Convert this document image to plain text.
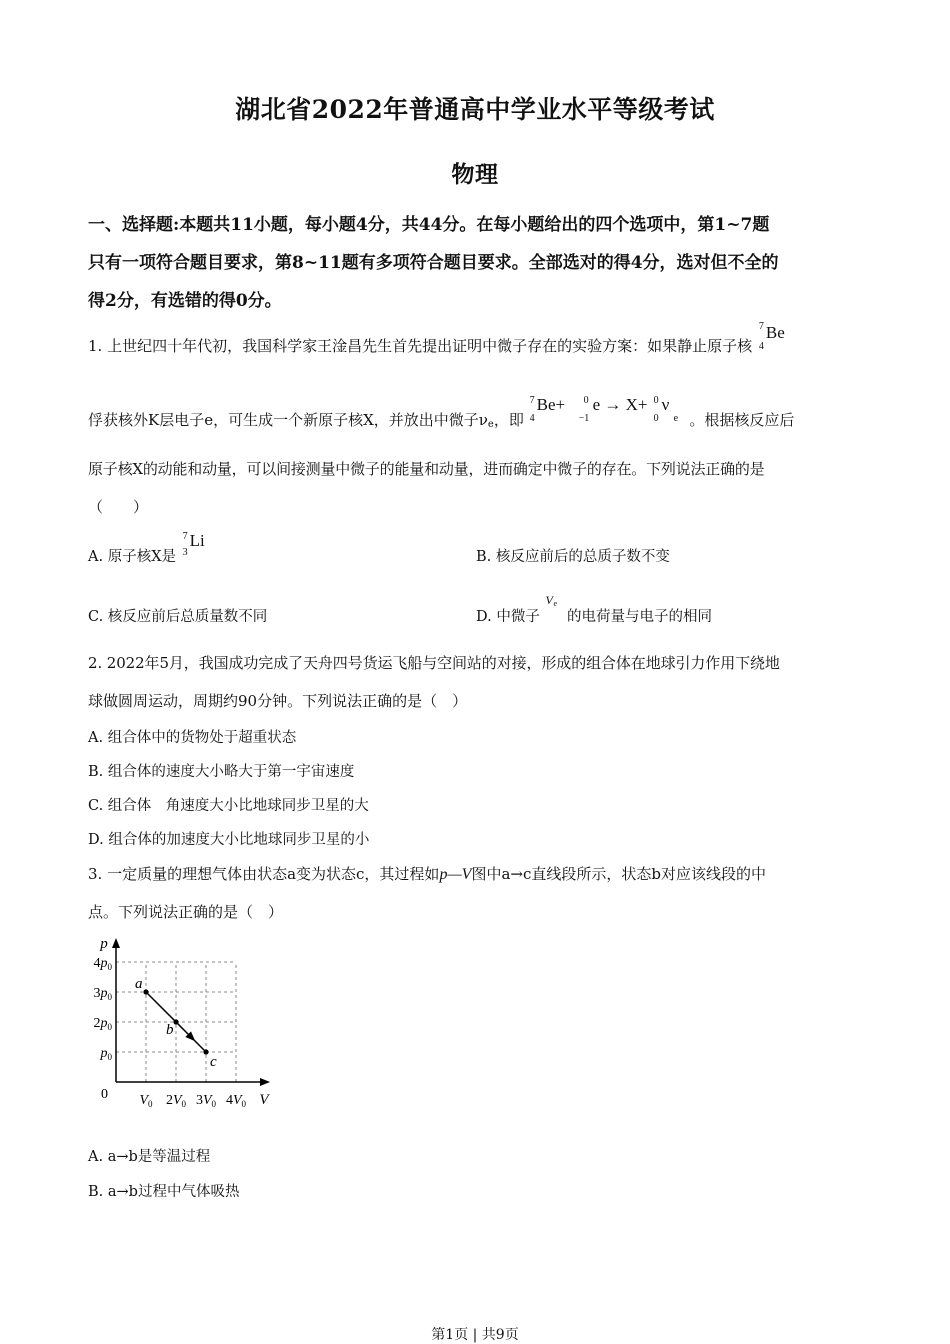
湖北省2022年普通高中学业水平等级考试
物理
一、选择题:本题共11小题，每小题4分，共44分。在每小题给出的四个选项中，第1~7题
只有一项符合题目要求，第8~11题有多项符合题目要求。全部选对的得4分，选对但不全的
得2分，有选错的得0分。
1. 上世纪四十年代初，我国科学家王淦昌先生首先提出证明中微子存在的实验方案：如果静止原子核
7
4
Be
俘获核外K层电子e，可生成一个新原子核X，并放出中微子νe，即
7
4
Be+ 0
−1
e → X+ 0
0
ν
e 。根据核反应后
原子核X的动能和动量，可以间接测量中微子的能量和动量，进而确定中微子的存在。下列说法正确的是
（　　）
A. 原子核X是
7
3
Li
B. 核反应前后的总质子数不变
C. 核反应前后总质量数不同	D. 中微子
V e
的电荷量与电子的相同
2. 2022年5月，我国成功完成了天舟四号货运飞船与空间站的对接，形成的组合体在地球引力作用下绕地
球做圆周运动，周期约90分钟。下列说法正确的是（　）
A. 组合体中的货物处于超重状态
B. 组合体的速度大小略大于第一宇宙速度
C. 组合体　角速度大小比地球同步卫星的大
D. 组合体的加速度大小比地球同步卫星的小
3. 一定质量的理想气体由状态a变为状态c，其过程如p—V图中a→c直线段所示，状态b对应该线段的中
点。下列说法正确的是（　）
$V_0$ $2V_0$ $3V_0$ $4V_0$
$p_0$
$2p_0$
$3p_0$
$4p_0$
0	V
p
a
b
c
A. a→b是等温过程
B. a→b过程中气体吸热
第1页 | 共9页
